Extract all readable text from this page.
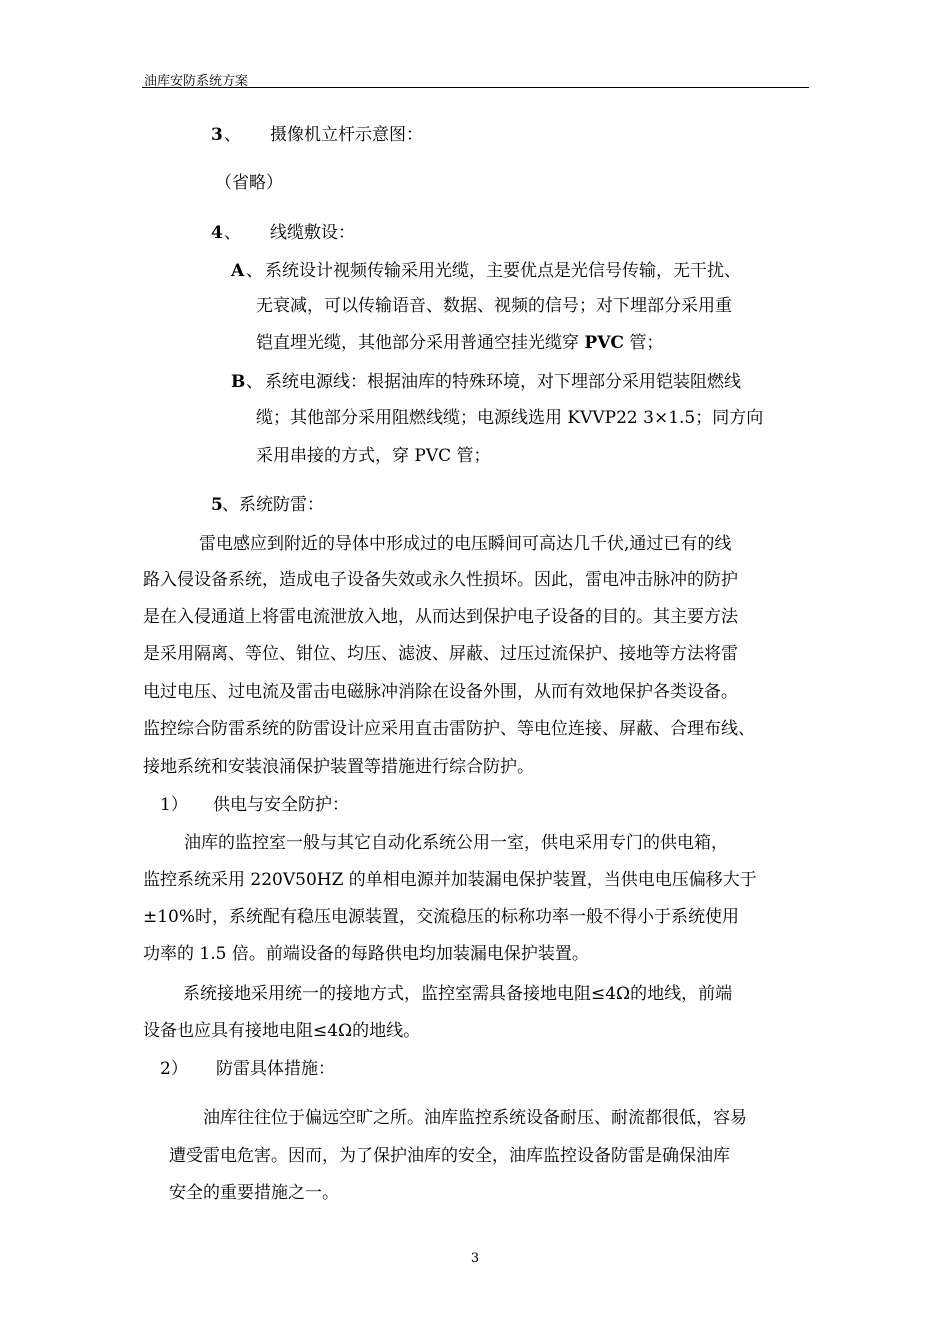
油库安防系统方案
3 、 摄像机立杆示意图：
（省略）
4 、 线缆敷设：
A 、 系统设计视频传输采用光缆，主要优点是光信号传输，无干扰、
无衰减，可以传输语音、数据、视频的信号；对下埋部分采用重
铠直埋光缆，其他部分采用普通空挂光缆穿 PVC 管；
B 、 系统电源线：根据油库的特殊环境，对下埋部分采用铠装阻燃线
缆；其他部分采用阻燃线缆；电源线选用 KVVP22 3×1.5；同方向
采用串接的方式，穿 PVC 管；
5 、系统防雷：
雷电感应到附近的导体中形成过的电压瞬间可高达几千伏,通过已有的线
路入侵设备系统，造成电子设备失效或永久性损坏。因此，雷电冲击脉冲的防护
是在入侵通道上将雷电流泄放入地，从而达到保护电子设备的目的。其主要方法
是采用隔离、等位、钳位、均压、滤波、屏蔽、过压过流保护、接地等方法将雷
电过电压、过电流及雷击电磁脉冲消除在设备外围，从而有效地保护各类设备。
监控综合防雷系统的防雷设计应采用直击雷防护、等电位连接、屏蔽、合理布线、
接地系统和安装浪涌保护装置等措施进行综合防护。
1） 供电与安全防护：
油库的监控室一般与其它自动化系统公用一室，供电采用专门的供电箱，
监控系统采用 220V50HZ 的单相电源并加装漏电保护装置，当供电电压偏移大于
±10%时，系统配有稳压电源装置，交流稳压的标称功率一般不得小于系统使用
功率的 1.5 倍。前端设备的每路供电均加装漏电保护装置。
系统接地采用统一的接地方式，监控室需具备接地电阻≤4Ω的地线，前端
设备也应具有接地电阻≤4Ω的地线。
2） 防雷具体措施：
油库往往位于偏远空旷之所。油库监控系统设备耐压、耐流都很低，容易
遭受雷电危害。因而，为了保护油库的安全，油库监控设备防雷是确保油库
安全的重要措施之一。
3
